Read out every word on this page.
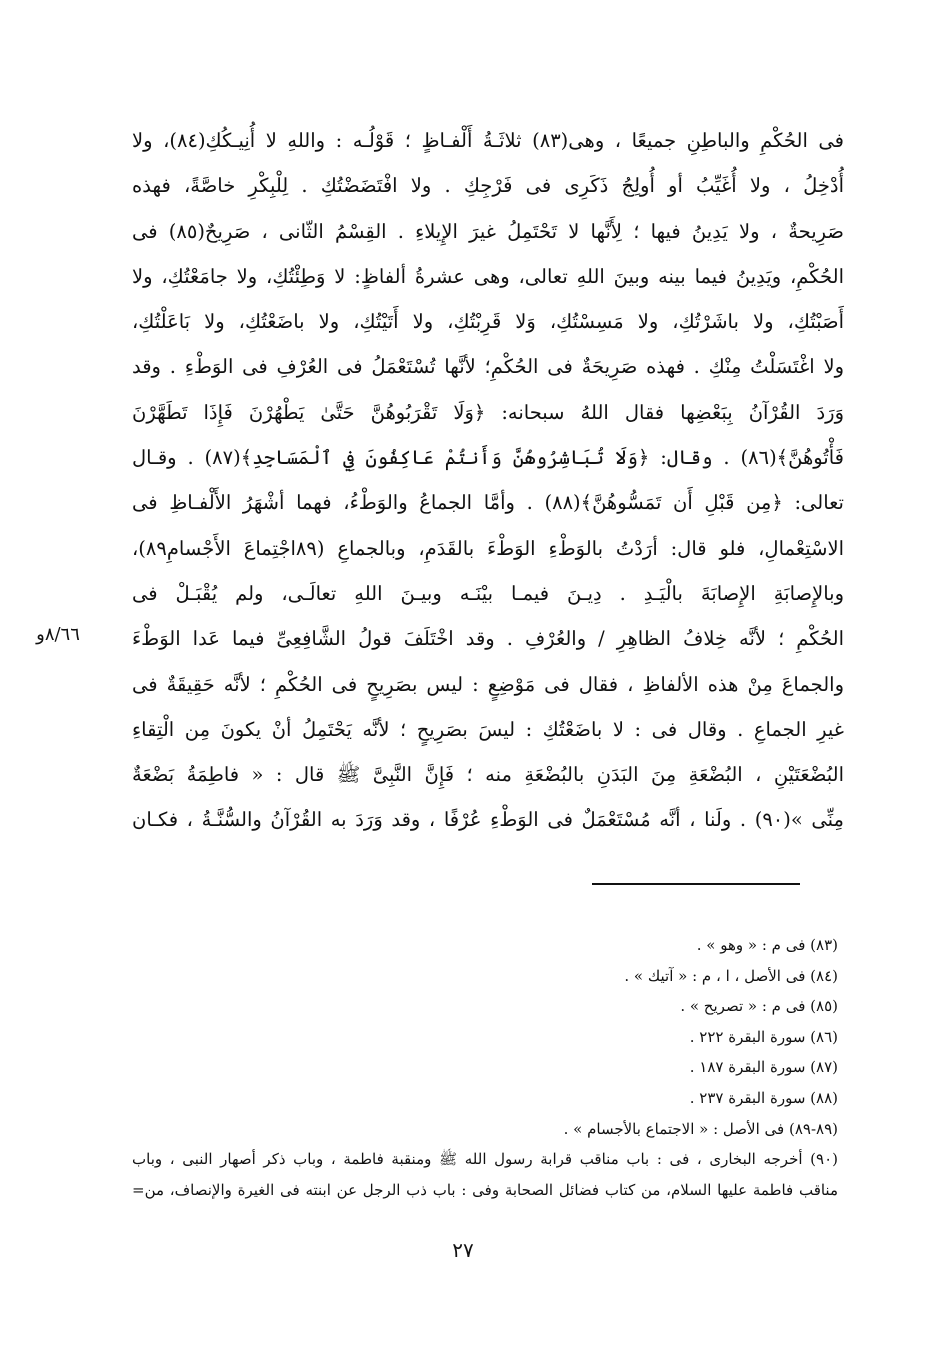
فى الحُكْمِ والباطِنِ جميعًا ، وهى(٨٣) ثلاثَـةُ أَلْفـاظٍ ؛ قَوْلُـه : واللهِ لا أُنِيـكُكِ(٨٤)، ولا
أُدْخِلُ ، ولا أُغَيِّبُ أو أُولِجُ ذَكَرِى فى فَرْجِكِ . ولا افْتَضَضْتُكِ . لِلْبِكْرِ خاصَّةً، فهذه
صَرِيحةٌ ، ولا يَدِينُ فيها ؛ لِأَنَّها لا تَحْتَمِلُ غيرَ الإِيلاءِ . القِسْمُ الثّانى ، صَرِيحٌ(٨٥) فى
الحُكْمِ، ويَدِينُ فيما بينه وبينَ اللهِ تعالى، وهى عشرةُ ألفاظٍ: لا وَطِئْتُكِ، ولا جامَعْتُكِ، ولا
أَصَبْتُكِ، ولا باشَرْتُكِ، ولا مَسِسْتُكِ، وَلا قَرِبْتُكِ، ولا أَتَيْتُكِ، ولا باضَعْتُكِ، ولا بَاعَلْتُكِ،
ولا اغْتَسَلْتُ مِنْكِ . فهذه صَرِيحَةٌ فى الحُكْمِ؛ لأنَّها تُسْتَعْمَلُ فى العُرْفِ فى الوَطْءِ . وقد
وَرَدَ القُرْآنُ بِبَعْضِها فقال اللهُ سبحانه: ﴿وَلَا تَقْرَبُوهُنَّ حَتَّىٰ يَطْهُرْنَ فَإِذَا تَطَهَّرْنَ
فَأْتُوهُنَّ﴾(٨٦) . وقال: ﴿وَلَا تُبَاشِرُوهُنَّ وَأَنتُمْ عَاكِفُونَ فِي ٱلْمَسَاجِدِ﴾(٨٧) . وقـال
تعالى: ﴿مِن قَبْلِ أَن تَمَسُّوهُنَّ﴾(٨٨) . وأمَّا الجماعُ والوَطْءُ، فهما أشْهَرُ الأَلْفـاظِ فى
الاسْتِعْمالِ، فلو قال: أرَدْتُ بالوَطْءِ الوَطْءَ بالقَدَمِ، وبالجماعِ (٨٩اجْتِماعَ الأَجْسامِ٨٩)،
وبالإِصابَةِ الإِصابَةَ بالْيَـدِ . دِيـنَ فيمـا بيْنَـه وبيـنَ اللهِ تعالَـى، ولم يُقْبَـلْ فى
الحُكْمِ ؛ لأنَّه خِلافُ الظاهِرِ / والعُرْفِ . وقد اخْتَلَفَ قولُ الشَّافِعِىِّ فيما عَدا الوَطْءَ
والجماعَ مِنْ هذه الألفاظِ ، فقال فى مَوْضِعٍ : ليس بصَرِيحٍ فى الحُكْمِ ؛ لأنَّه حَقِيقَةٌ فى
غيرِ الجماعِ . وقال فى : لا باضَعْتُكِ : ليسَ بصَرِيحٍ ؛ لأنَّه يَحْتَمِلُ أنْ يكونَ مِن الْتِقاءِ
البُضْعَتَيْنِ ، البُضْعَةِ مِنَ البَدَنِ بالبُضْعَةِ منه ؛ فَإِنَّ النَّبِىَّ ﷺ قال : « فاطِمَةُ بَضْعَةٌ
مِنِّى »(٩٠) . ولَنا ، أنَّه مُسْتَعْمَلٌ فى الوَطْءِ عُرْفًا ، وقد وَرَدَ به القُرْآنُ والسُّنَّـةُ ، فكـان
٨/٦٦و
(٨٣) فى م : « وهو » .
(٨٤) فى الأصل ، ا ، م : « آتيك » .
(٨٥) فى م : « تصريح » .
(٨٦) سورة البقرة ٢٢٢ .
(٨٧) سورة البقرة ١٨٧ .
(٨٨) سورة البقرة ٢٣٧ .
(٨٩-٨٩) فى الأصل : « الاجتماع بالأجسام » .
(٩٠) أخرجه البخارى ، فى : باب مناقب قرابة رسول الله ﷺ ومنقبة فاطمة ، وباب ذكر أصهار النبى ، وباب
مناقب فاطمة عليها السلام، من كتاب فضائل الصحابة وفى : باب ذب الرجل عن ابنته فى الغيرة والإنصاف، من=
٢٧
